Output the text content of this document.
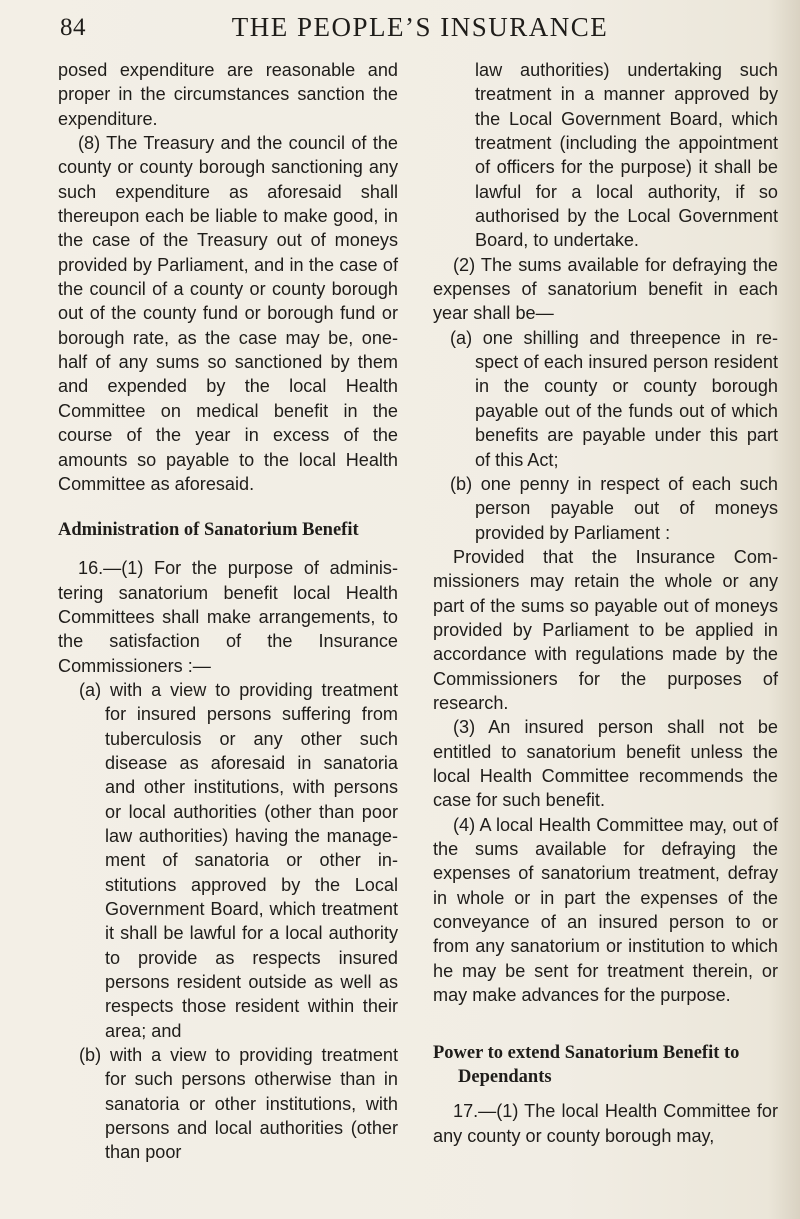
84	THE PEOPLE’S INSURANCE

posed expenditure are reasonable and proper in the circumstances sanction the expenditure.

(8) The Treasury and the council of the county or county borough sanctioning any such expenditure as aforesaid shall thereupon each be liable to make good, in the case of the Treasury out of moneys provided by Parliament, and in the case of the council of a county or county borough out of the county fund or borough fund or borough rate, as the case may be, one-half of any sums so sanctioned by them and expended by the local Health Committee on medical benefit in the course of the year in excess of the amounts so payable to the local Health Committee as aforesaid.

Administration of Sanatorium Benefit

16.—(1) For the purpose of administering sanatorium benefit local Health Committees shall make arrangements, to the satisfaction of the Insurance Commissioners :—

(a) with a view to providing treatment for insured persons suffering from tuberculosis or any other such disease as aforesaid in sanatoria and other institutions, with persons or local authorities (other than poor law authorities) having the management of sanatoria or other institutions approved by the Local Government Board, which treatment it shall be lawful for a local authority to provide as respects insured persons resident outside as well as respects those resident within their area; and

(b) with a view to providing treatment for such persons otherwise than in sanatoria or other institutions, with persons and local authorities (other than poor

law authorities) undertaking such treatment in a manner approved by the Local Government Board, which treatment (including the appointment of officers for the purpose) it shall be lawful for a local authority, if so authorised by the Local Government Board, to undertake.

(2) The sums available for defraying the expenses of sanatorium benefit in each year shall be—

(a) one shilling and threepence in respect of each insured person resident in the county or county borough payable out of the funds out of which benefits are payable under this part of this Act;

(b) one penny in respect of each such person payable out of moneys provided by Parliament :

Provided that the Insurance Commissioners may retain the whole or any part of the sums so payable out of moneys provided by Parliament to be applied in accordance with regulations made by the Commissioners for the purposes of research.

(3) An insured person shall not be entitled to sanatorium benefit unless the local Health Committee recommends the case for such benefit.

(4) A local Health Committee may, out of the sums available for defraying the expenses of sanatorium treatment, defray in whole or in part the expenses of the conveyance of an insured person to or from any sanatorium or institution to which he may be sent for treatment therein, or may make advances for the purpose.

Power to extend Sanatorium Benefit to Dependants

17.—(1) The local Health Committee for any county or county borough may,
